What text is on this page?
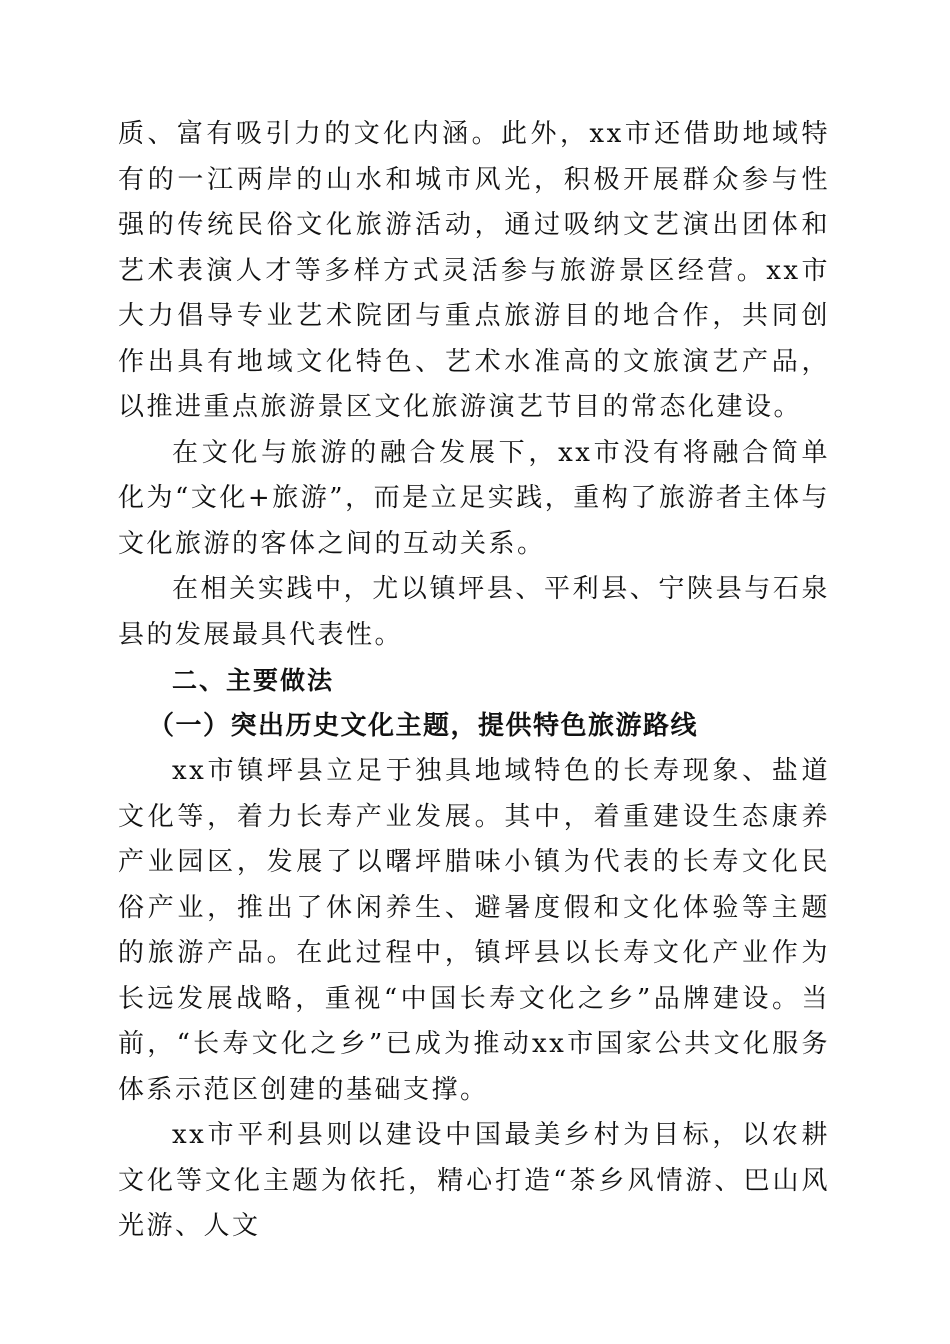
质、富有吸引力的文化内涵。此外，xx市还借助地域特有的一江两岸的山水和城市风光，积极开展群众参与性强的传统民俗文化旅游活动，通过吸纳文艺演出团体和艺术表演人才等多样方式灵活参与旅游景区经营。xx市大力倡导专业艺术院团与重点旅游目的地合作，共同创作出具有地域文化特色、艺术水准高的文旅演艺产品，以推进重点旅游景区文化旅游演艺节目的常态化建设。

在文化与旅游的融合发展下，xx市没有将融合简单化为“文化+旅游”，而是立足实践，重构了旅游者主体与文化旅游的客体之间的互动关系。

在相关实践中，尤以镇坪县、平利县、宁陕县与石泉县的发展最具代表性。

二、主要做法

（一）突出历史文化主题，提供特色旅游路线

xx市镇坪县立足于独具地域特色的长寿现象、盐道文化等，着力长寿产业发展。其中，着重建设生态康养产业园区，发展了以曙坪腊味小镇为代表的长寿文化民俗产业，推出了休闲养生、避暑度假和文化体验等主题的旅游产品。在此过程中，镇坪县以长寿文化产业作为长远发展战略，重视“中国长寿文化之乡”品牌建设。当前，“长寿文化之乡”已成为推动xx市国家公共文化服务体系示范区创建的基础支撑。

xx市平利县则以建设中国最美乡村为目标，以农耕文化等文化主题为依托，精心打造“茶乡风情游、巴山风光游、人文
